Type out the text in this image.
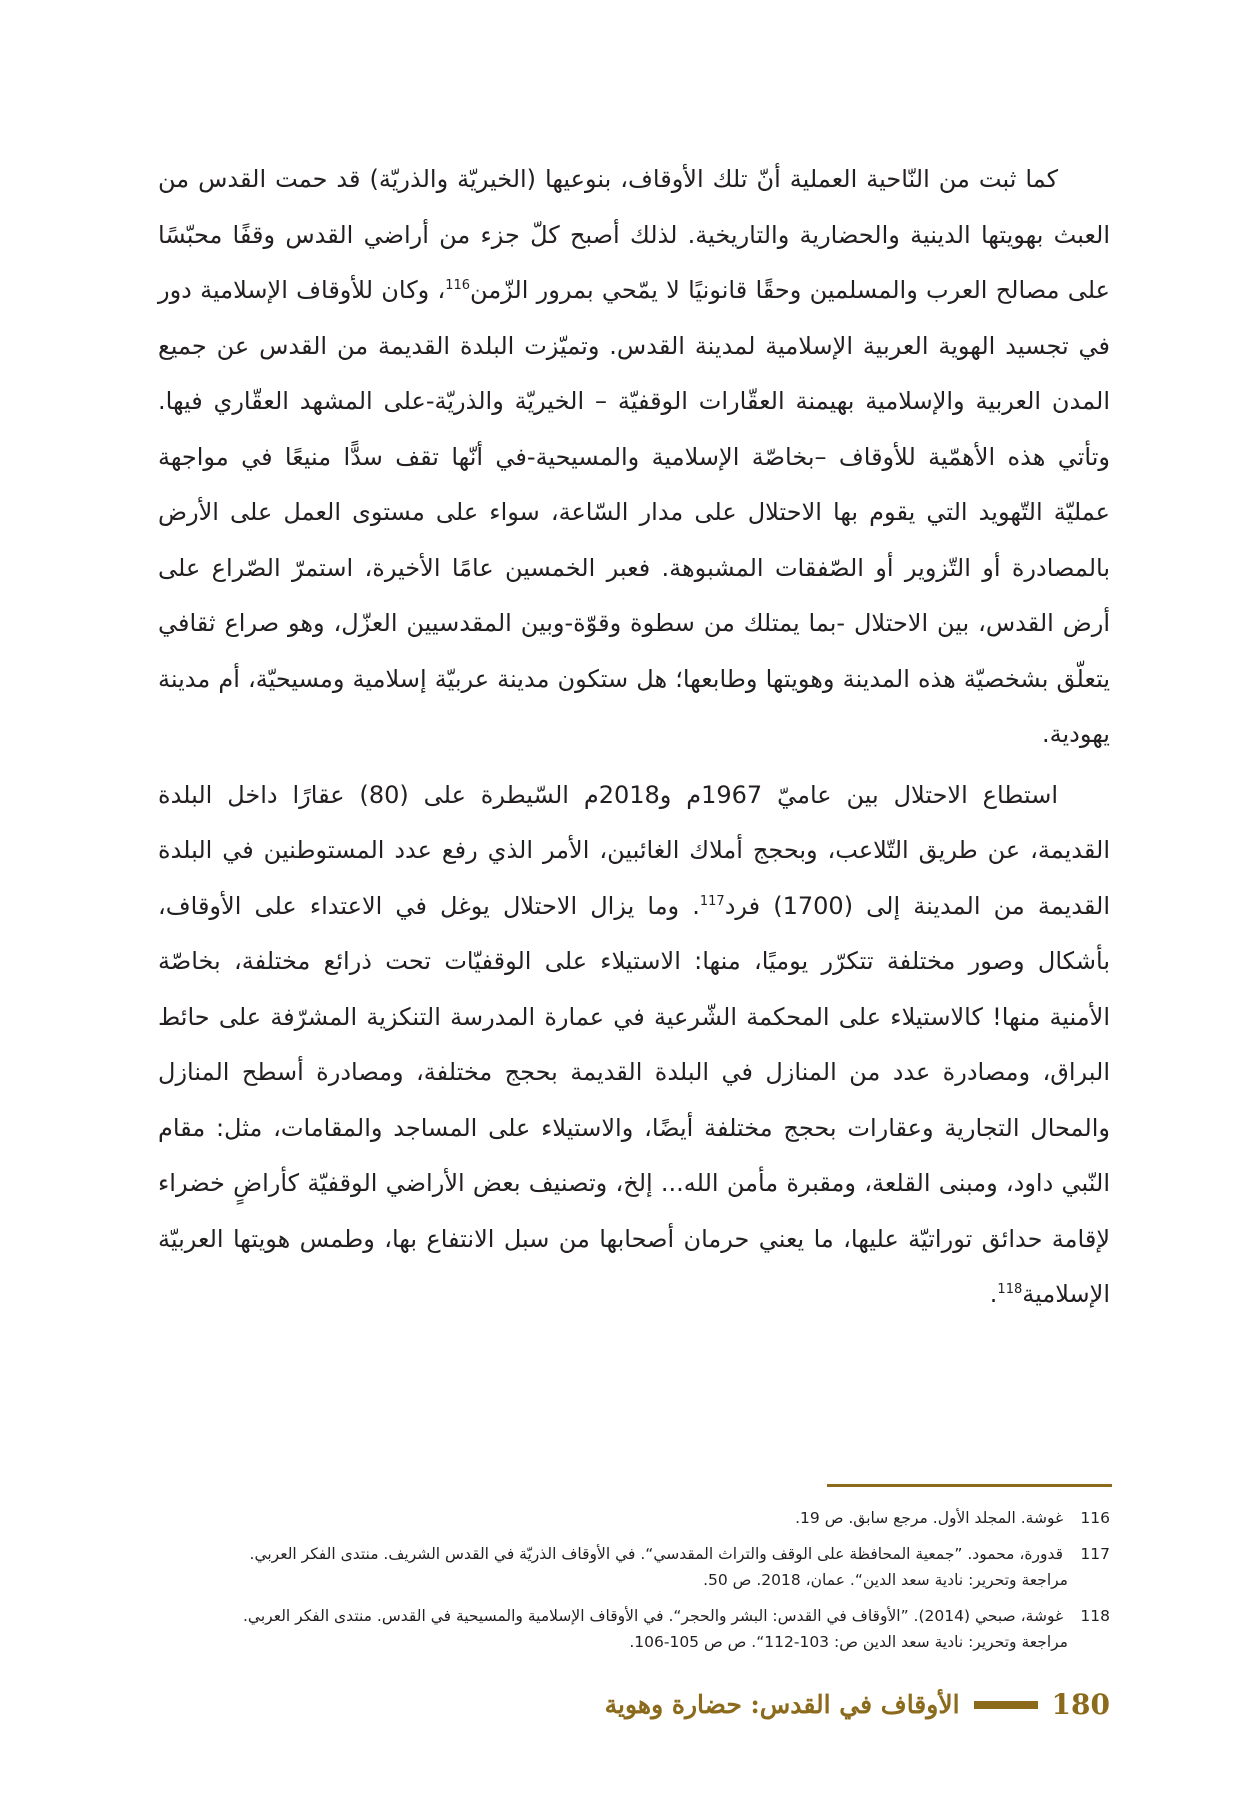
كما ثبت من النّاحية العملية أنّ تلك الأوقاف، بنوعيها (الخيريّة والذريّة) قد حمت القدس من العبث بهويتها الدينية والحضارية والتاريخية. لذلك أصبح كلّ جزء من أراضي القدس وقفًا محبّسًا على مصالح العرب والمسلمين وحقًا قانونيًا لا يمّحي بمرور الزّمن$^{116}$، وكان للأوقاف الإسلامية دور في تجسيد الهوية العربية الإسلامية لمدينة القدس. وتميّزت البلدة القديمة من القدس عن جميع المدن العربية والإسلامية بهيمنة العقّارات الوقفيّة – الخيريّة والذريّة-على المشهد العقّاري فيها. وتأتي هذه الأهمّية للأوقاف –بخاصّة الإسلامية والمسيحية-في أنّها تقف سدًّا منيعًا في مواجهة عمليّة التّهويد التي يقوم بها الاحتلال على مدار السّاعة، سواء على مستوى العمل على الأرض بالمصادرة أو التّزوير أو الصّفقات المشبوهة. فعبر الخمسين عامًا الأخيرة، استمرّ الصّراع على أرض القدس، بين الاحتلال -بما يمتلك من سطوة وقوّة-وبين المقدسيين العزّل، وهو صراع ثقافي يتعلّق بشخصيّة هذه المدينة وهويتها وطابعها؛ هل ستكون مدينة عربيّة إسلامية ومسيحيّة، أم مدينة يهودية.

استطاع الاحتلال بين عاميّ 1967م و2018م السّيطرة على (80) عقارًا داخل البلدة القديمة، عن طريق التّلاعب، وبحجج أملاك الغائبين، الأمر الذي رفع عدد المستوطنين في البلدة القديمة من المدينة إلى (1700) فرد$^{117}$. وما يزال الاحتلال يوغل في الاعتداء على الأوقاف، بأشكال وصور مختلفة تتكرّر يوميًا، منها: الاستيلاء على الوقفيّات تحت ذرائع مختلفة، بخاصّة الأمنية منها! كالاستيلاء على المحكمة الشّرعية في عمارة المدرسة التنكزية المشرّفة على حائط البراق، ومصادرة عدد من المنازل في البلدة القديمة بحجج مختلفة، ومصادرة أسطح المنازل والمحال التجارية وعقارات بحجج مختلفة أيضًا، والاستيلاء على المساجد والمقامات، مثل: مقام النّبي داود، ومبنى القلعة، ومقبرة مأمن الله... إلخ، وتصنيف بعض الأراضي الوقفيّة كأراضٍ خضراء لإقامة حدائق توراتيّة عليها، ما يعني حرمان أصحابها من سبل الانتفاع بها، وطمس هويتها العربيّة الإسلامية$^{118}$.

116 غوشة. المجلد الأول. مرجع سابق. ص 19.

117 قدورة، محمود. ”جمعية المحافظة على الوقف والتراث المقدسي“. في الأوقاف الذريّة في القدس الشريف. منتدى الفكر العربي.
مراجعة وتحرير: نادية سعد الدين“. عمان، 2018. ص 50.

118 غوشة، صبحي (2014). ”الأوقاف في القدس: البشر والحجر“. في الأوقاف الإسلامية والمسيحية في القدس. منتدى الفكر العربي.
مراجعة وتحرير: نادية سعد الدين ص: 103-112“. ص ص 105-106.

الأوقاف في القدس: حضارة وهوية	180
